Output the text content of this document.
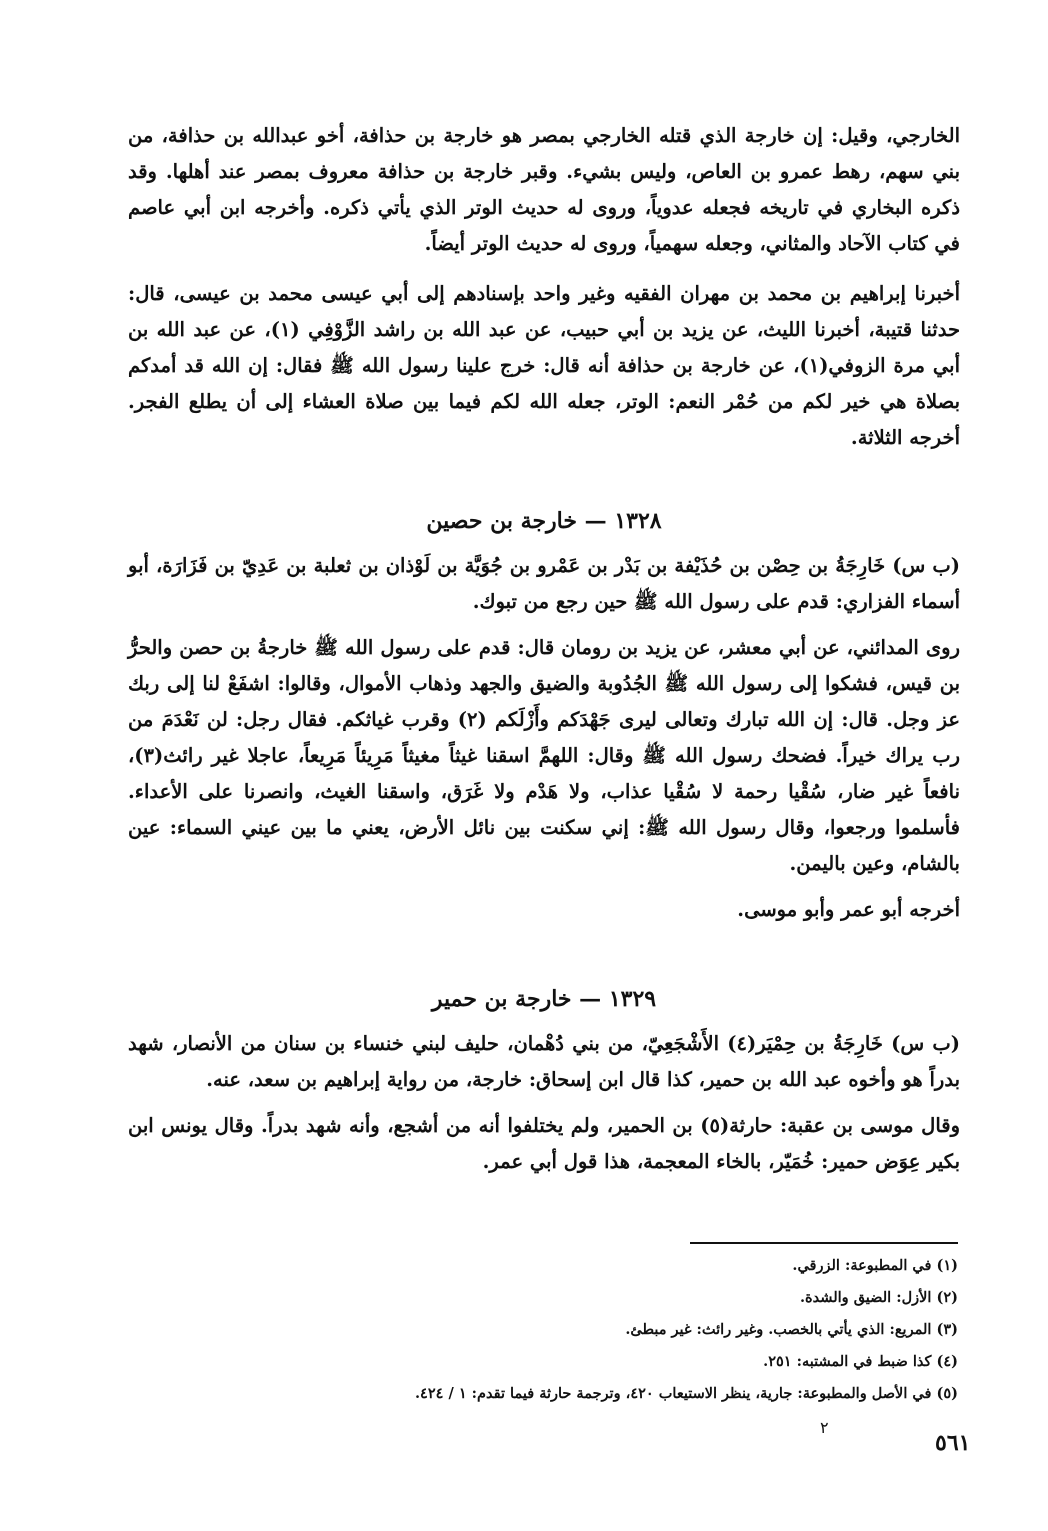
الخارجي، وقيل: إن خارجة الذي قتله الخارجي بمصر هو خارجة بن حذافة، أخو عبدالله بن حذافة، من بني سهم، رهط عمرو بن العاص، وليس بشيء. وقبر خارجة بن حذافة معروف بمصر عند أهلها. وقد ذكره البخاري في تاريخه فجعله عدوياً، وروى له حديث الوتر الذي يأتي ذكره. وأخرجه ابن أبي عاصم في كتاب الآحاد والمثاني، وجعله سهمياً، وروى له حديث الوتر أيضاً.

أخبرنا إبراهيم بن محمد بن مهران الفقيه وغير واحد بإسنادهم إلى أبي عيسى محمد بن عيسى، قال: حدثنا قتيبة، أخبرنا الليث، عن يزيد بن أبي حبيب، عن عبد الله بن راشد الزَّوْفِي (١)، عن عبد الله بن أبي مرة الزوفي(١)، عن خارجة بن حذافة أنه قال: خرج علينا رسول الله ﷺ فقال: إن الله قد أمدكم بصلاة هي خير لكم من حُمْر النعم: الوتر، جعله الله لكم فيما بين صلاة العشاء إلى أن يطلع الفجر. أخرجه الثلاثة.

١٣٢٨ — خارجة بن حصين

(ب س) خَارِجَةُ بن حِصْن بن حُذَيْفة بن بَدْر بن عَمْرو بن جُوَيَّة بن لَوْذان بن ثعلبة بن عَدِيّ بن فَزَارَة، أبو أسماء الفزاري: قدم على رسول الله ﷺ حين رجع من تبوك.

روى المدائني، عن أبي معشر، عن يزيد بن رومان قال: قدم على رسول الله ﷺ خارجةُ بن حصن والحرُّ بن قيس، فشكوا إلى رسول الله ﷺ الجُدُوبة والضيق والجهد وذهاب الأموال، وقالوا: اشفَعْ لنا إلى ربك عز وجل. قال: إن الله تبارك وتعالى ليرى جَهْدَكم وأَزْلَكم (٢) وقرب غياثكم. فقال رجل: لن نَعْدَمَ من رب يراك خيراً. فضحك رسول الله ﷺ وقال: اللهمَّ اسقنا غيثاً مغيثاً مَرِيئاً مَرِيعاً، عاجلا غير رائث(٣)، نافعاً غير ضار، سُقْيا رحمة لا سُقْيا عذاب، ولا هَدْم ولا غَرَق، واسقنا الغيث، وانصرنا على الأعداء. فأسلموا ورجعوا، وقال رسول الله ﷺ: إني سكنت بين نائل الأرض، يعني ما بين عيني السماء: عين بالشام، وعين باليمن.

أخرجه أبو عمر وأبو موسى.

١٣٢٩ — خارجة بن حمير

(ب س) خَارِجَةُ بن حِمْيَر(٤) الأَشْجَعِيّ، من بني دُهْمان، حليف لبني خنساء بن سنان من الأنصار، شهد بدراً هو وأخوه عبد الله بن حمير، كذا قال ابن إسحاق: خارجة، من رواية إبراهيم بن سعد، عنه.

وقال موسى بن عقبة: حارثة(٥) بن الحمير، ولم يختلفوا أنه من أشجع، وأنه شهد بدراً. وقال يونس ابن بكير عِوَض حمير: خُمَيّر، بالخاء المعجمة، هذا قول أبي عمر.

(١) في المطبوعة: الزرقي.

(٢) الأزل: الضيق والشدة.

(٣) المريع: الذي يأتي بالخصب. وغير رائث: غير مبطئ.

(٤) كذا ضبط في المشتبه: ٢٥١.

(٥) في الأصل والمطبوعة: جارية، ينظر الاستيعاب ٤٢٠، وترجمة حارثة فيما تقدم: ١ / ٤٢٤.

٢
٥٦١
